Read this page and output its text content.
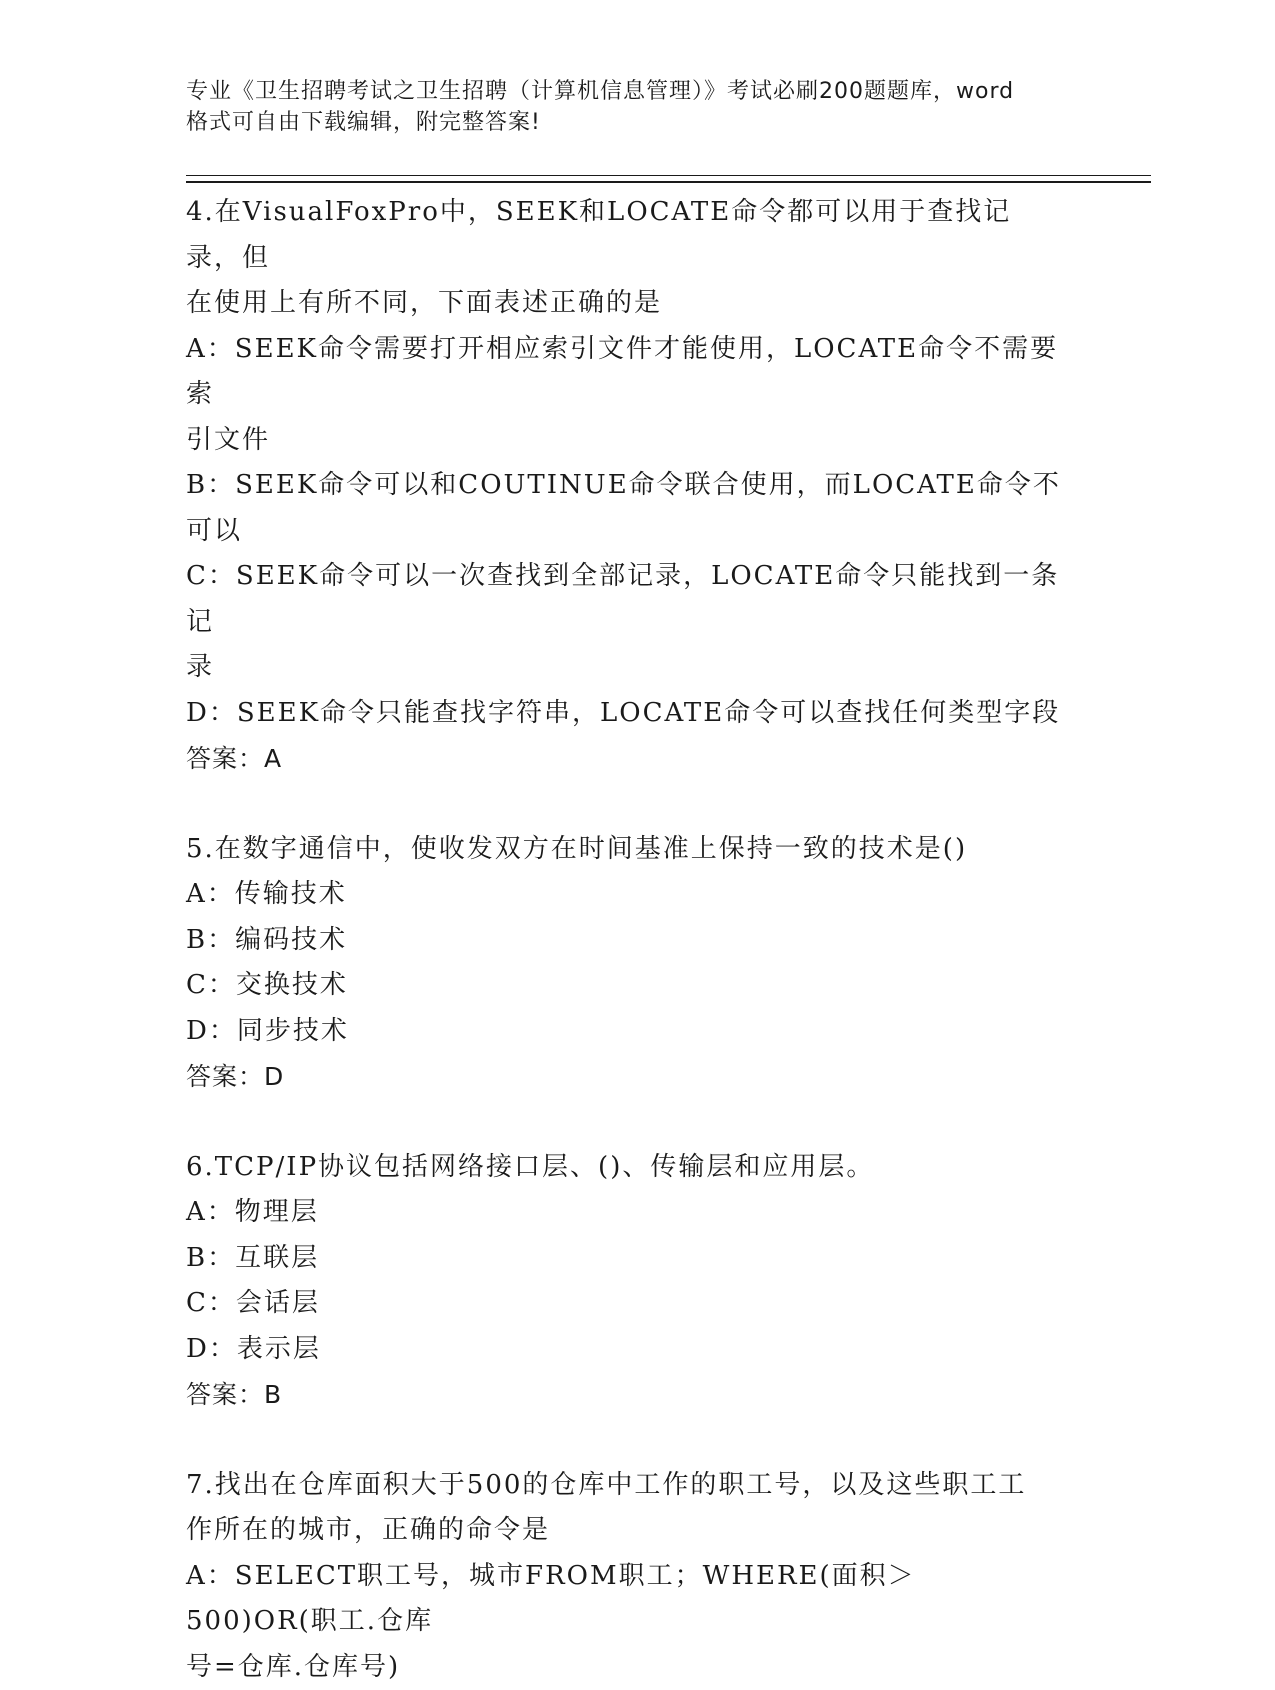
专业《卫生招聘考试之卫生招聘（计算机信息管理）》考试必刷200题题库，word
格式可自由下载编辑，附完整答案!

4.在VisualFoxPro中，SEEK和LOCATE命令都可以用于查找记录，但

在使用上有所不同，下面表述正确的是

A：SEEK命令需要打开相应索引文件才能使用，LOCATE命令不需要索

引文件

B：SEEK命令可以和COUTINUE命令联合使用，而LOCATE命令不可以

C：SEEK命令可以一次查找到全部记录，LOCATE命令只能找到一条记

录

D：SEEK命令只能查找字符串，LOCATE命令可以查找任何类型字段

答案：A

5.在数字通信中，使收发双方在时间基准上保持一致的技术是()

A：传输技术

B：编码技术

C：交换技术

D：同步技术

答案：D

6.TCP/IP协议包括网络接口层、()、传输层和应用层。

A：物理层

B：互联层

C：会话层

D：表示层

答案：B

7.找出在仓库面积大于500的仓库中工作的职工号，以及这些职工工

作所在的城市，正确的命令是

A：SELECT职工号，城市FROM职工；WHERE(面积＞500)OR(职工.仓库

号=仓库.仓库号)
